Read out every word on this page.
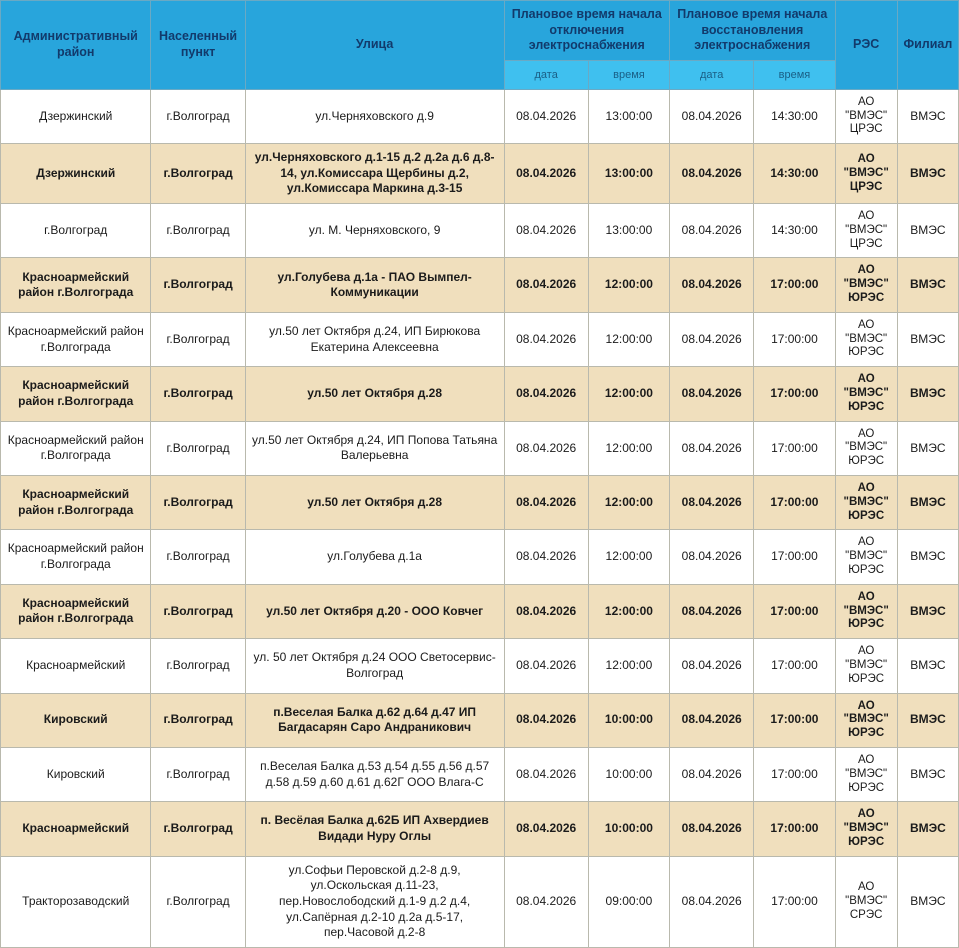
Административный район	Населенный пункт	Улица	Плановое время начала отключения электроснабжения		Плановое время начала восстановления электроснабжения		РЭС	Филиал
			дата	время	дата	время		
Дзержинский	г.Волгоград	ул.Черняховского д.9	08.04.2026	13:00:00	08.04.2026	14:30:00	АО "ВМЭС" ЦРЭС	ВМЭС
Дзержинский	г.Волгоград	ул.Черняховского д.1-15 д.2 д.2а д.6 д.8-14, ул.Комиссара Щербины д.2, ул.Комиссара Маркина д.3-15	08.04.2026	13:00:00	08.04.2026	14:30:00	АО "ВМЭС" ЦРЭС	ВМЭС
г.Волгоград	г.Волгоград	ул. М. Черняховского, 9	08.04.2026	13:00:00	08.04.2026	14:30:00	АО "ВМЭС" ЦРЭС	ВМЭС
Красноармейский район г.Волгограда	г.Волгоград	ул.Голубева д.1а - ПАО Вымпел-Коммуникации	08.04.2026	12:00:00	08.04.2026	17:00:00	АО "ВМЭС" ЮРЭС	ВМЭС
Красноармейский район г.Волгограда	г.Волгоград	ул.50 лет Октября д.24, ИП Бирюкова Екатерина Алексеевна	08.04.2026	12:00:00	08.04.2026	17:00:00	АО "ВМЭС" ЮРЭС	ВМЭС
Красноармейский район г.Волгограда	г.Волгоград	ул.50 лет Октября д.28	08.04.2026	12:00:00	08.04.2026	17:00:00	АО "ВМЭС" ЮРЭС	ВМЭС
Красноармейский район г.Волгограда	г.Волгоград	ул.50 лет Октября д.24, ИП Попова Татьяна Валерьевна	08.04.2026	12:00:00	08.04.2026	17:00:00	АО "ВМЭС" ЮРЭС	ВМЭС
Красноармейский район г.Волгограда	г.Волгоград	ул.50 лет Октября д.28	08.04.2026	12:00:00	08.04.2026	17:00:00	АО "ВМЭС" ЮРЭС	ВМЭС
Красноармейский район г.Волгограда	г.Волгоград	ул.Голубева д.1а	08.04.2026	12:00:00	08.04.2026	17:00:00	АО "ВМЭС" ЮРЭС	ВМЭС
Красноармейский район г.Волгограда	г.Волгоград	ул.50 лет Октября д.20 - ООО Ковчег	08.04.2026	12:00:00	08.04.2026	17:00:00	АО "ВМЭС" ЮРЭС	ВМЭС
Красноармейский	г.Волгоград	ул. 50 лет Октября д.24 ООО Светосервис-Волгоград	08.04.2026	12:00:00	08.04.2026	17:00:00	АО "ВМЭС" ЮРЭС	ВМЭС
Кировский	г.Волгоград	п.Веселая Балка д.62 д.64 д.47 ИП Багдасарян Саро Андраникович	08.04.2026	10:00:00	08.04.2026	17:00:00	АО "ВМЭС" ЮРЭС	ВМЭС
Кировский	г.Волгоград	п.Веселая Балка д.53 д.54 д.55 д.56 д.57 д.58 д.59 д.60 д.61 д.62Г ООО Влага-С	08.04.2026	10:00:00	08.04.2026	17:00:00	АО "ВМЭС" ЮРЭС	ВМЭС
Красноармейский	г.Волгоград	п. Весёлая Балка д.62Б ИП Ахвердиев Видади Нуру Оглы	08.04.2026	10:00:00	08.04.2026	17:00:00	АО "ВМЭС" ЮРЭС	ВМЭС
Тракторозаводский	г.Волгоград	ул.Софьи Перовской д.2-8 д.9, ул.Оскольская д.11-23, пер.Новослободский д.1-9 д.2 д.4, ул.Сапёрная д.2-10 д.2а д.5-17, пер.Часовой д.2-8	08.04.2026	09:00:00	08.04.2026	17:00:00	АО "ВМЭС" СРЭС	ВМЭС
